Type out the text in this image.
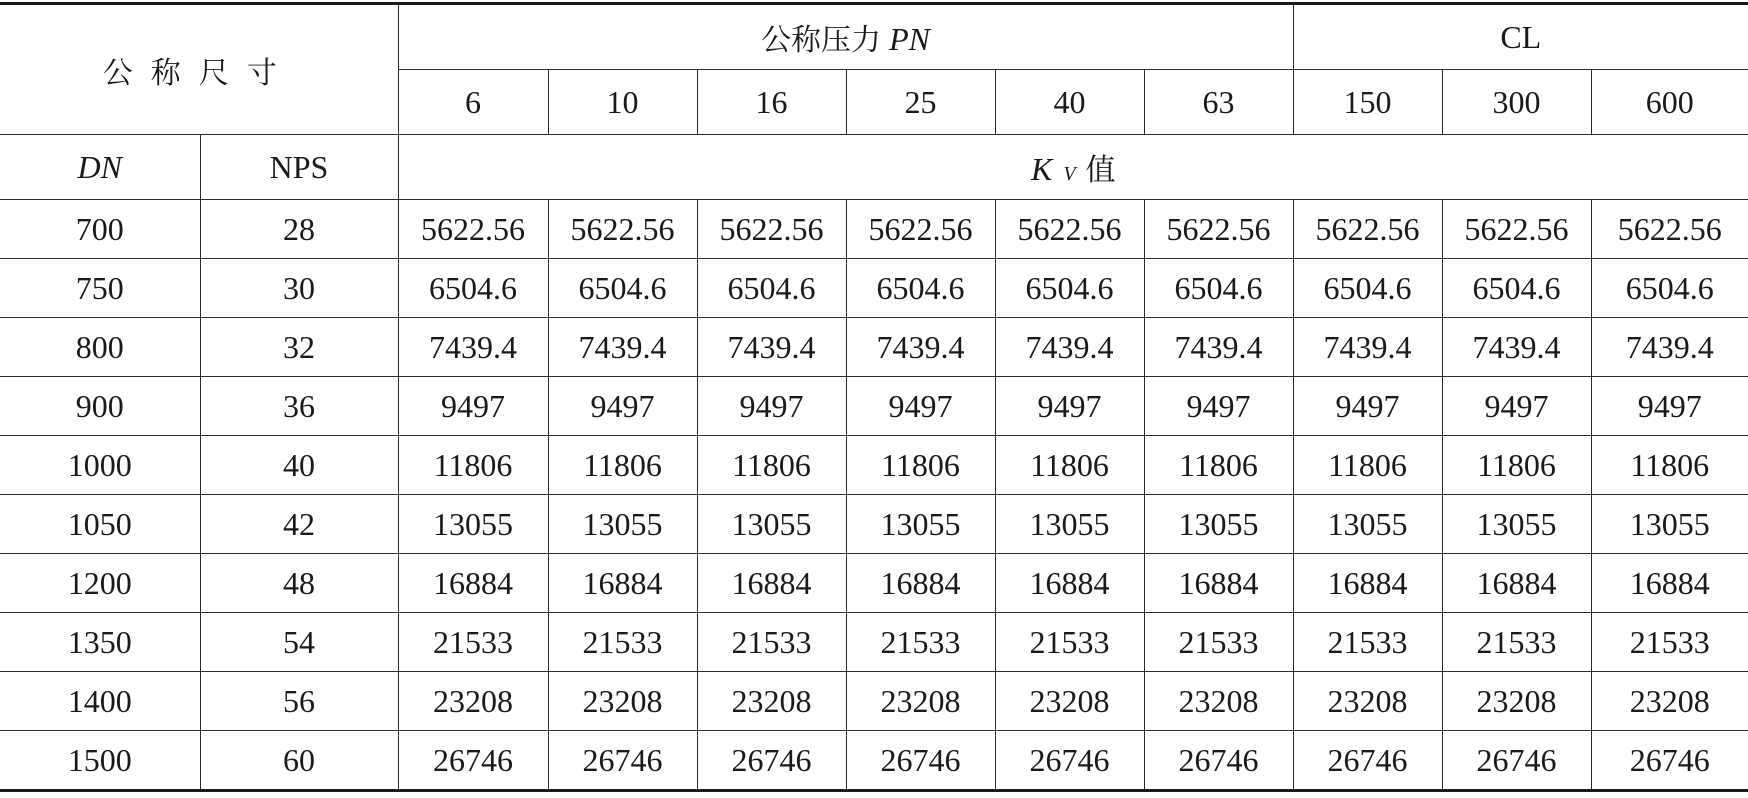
公称尺寸		公称压力 PN						CL		
		6	10	16	25	40	63	150	300	600
DN	NPS	K V 值								

700	28	5622.56	5622.56	5622.56	5622.56	5622.56	5622.56	5622.56	5622.56	5622.56
750	30	6504.6	6504.6	6504.6	6504.6	6504.6	6504.6	6504.6	6504.6	6504.6
800	32	7439.4	7439.4	7439.4	7439.4	7439.4	7439.4	7439.4	7439.4	7439.4
900	36	9497	9497	9497	9497	9497	9497	9497	9497	9497
1000	40	11806	11806	11806	11806	11806	11806	11806	11806	11806
1050	42	13055	13055	13055	13055	13055	13055	13055	13055	13055
1200	48	16884	16884	16884	16884	16884	16884	16884	16884	16884
1350	54	21533	21533	21533	21533	21533	21533	21533	21533	21533
1400	56	23208	23208	23208	23208	23208	23208	23208	23208	23208
1500	60	26746	26746	26746	26746	26746	26746	26746	26746	26746
